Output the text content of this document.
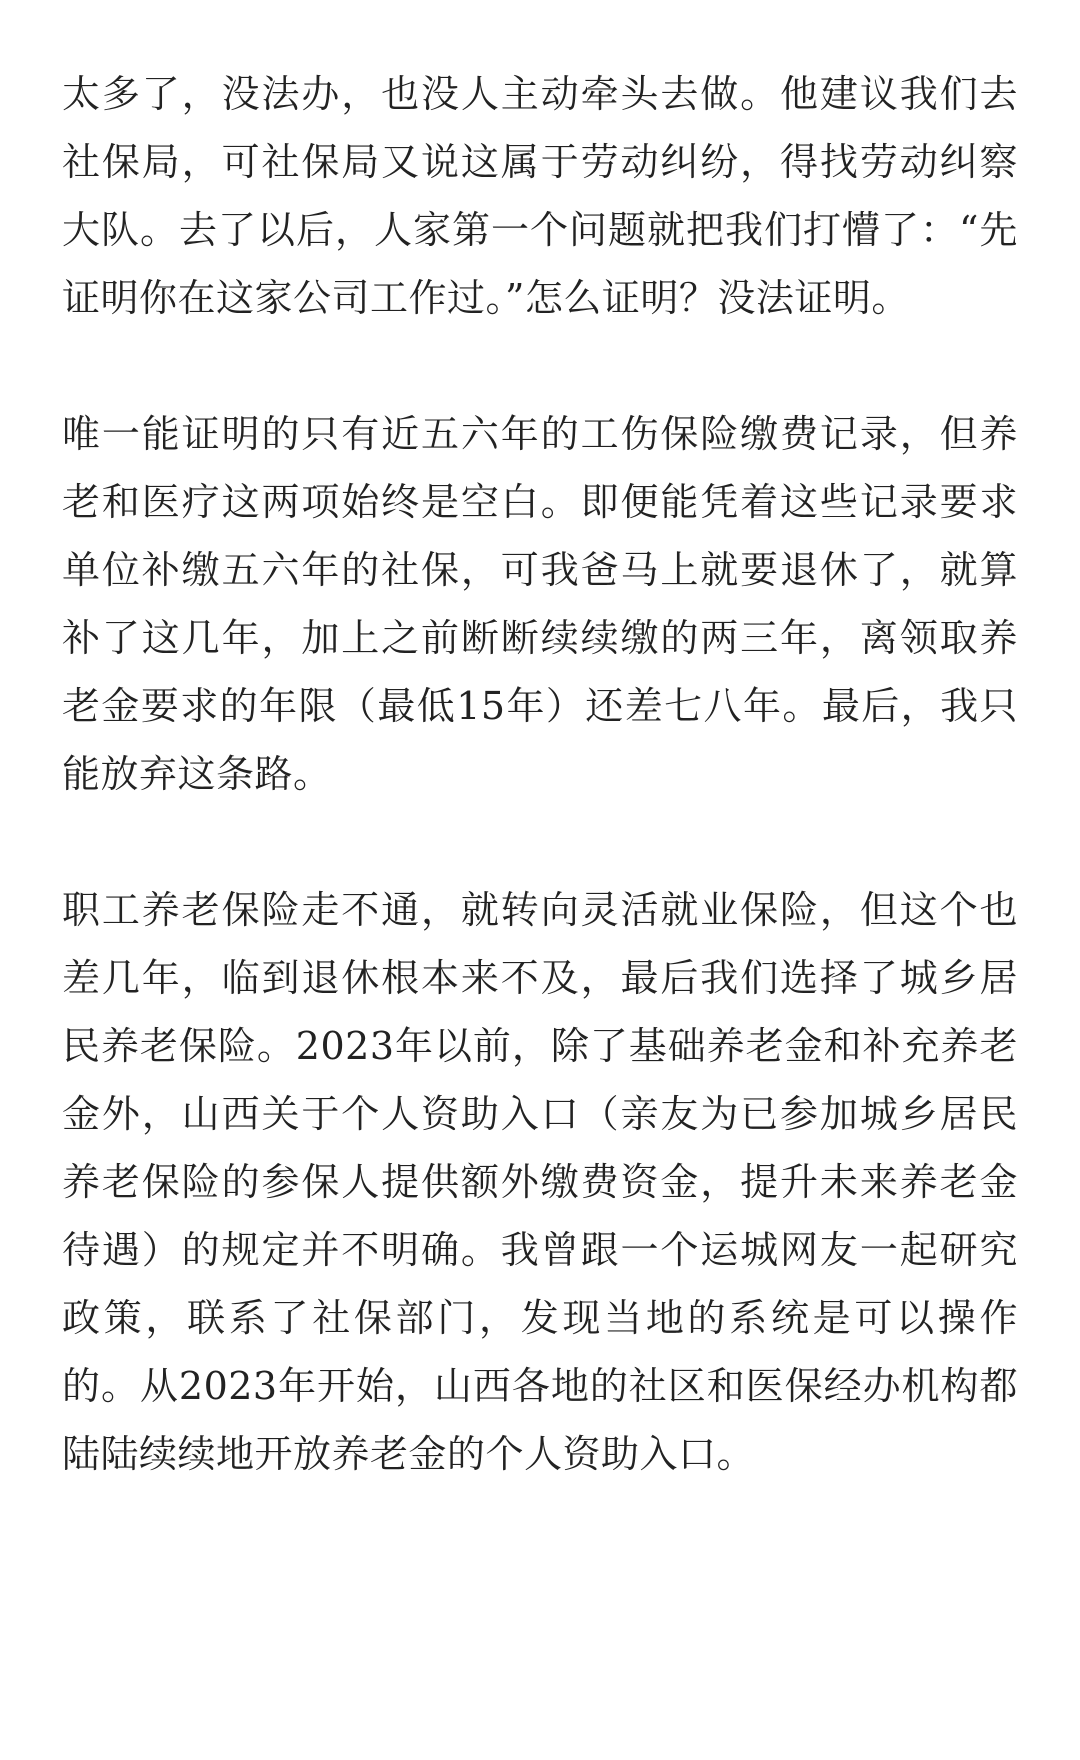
太多了，没法办，也没人主动牵头去做。他建议我们去社保局，可社保局又说这属于劳动纠纷，得找劳动纠察大队。去了以后，人家第一个问题就把我们打懵了：“先证明你在这家公司工作过。”怎么证明？没法证明。

唯一能证明的只有近五六年的工伤保险缴费记录，但养老和医疗这两项始终是空白。即便能凭着这些记录要求单位补缴五六年的社保，可我爸马上就要退休了，就算补了这几年，加上之前断断续续缴的两三年，离领取养老金要求的年限（最低15年）还差七八年。最后，我只能放弃这条路。

职工养老保险走不通，就转向灵活就业保险，但这个也差几年，临到退休根本来不及，最后我们选择了城乡居民养老保险。2023年以前，除了基础养老金和补充养老金外，山西关于个人资助入口（亲友为已参加城乡居民养老保险的参保人提供额外缴费资金，提升未来养老金待遇）的规定并不明确。我曾跟一个运城网友一起研究政策，联系了社保部门，发现当地的系统是可以操作的。从2023年开始，山西各地的社区和医保经办机构都陆陆续续地开放养老金的个人资助入口。
